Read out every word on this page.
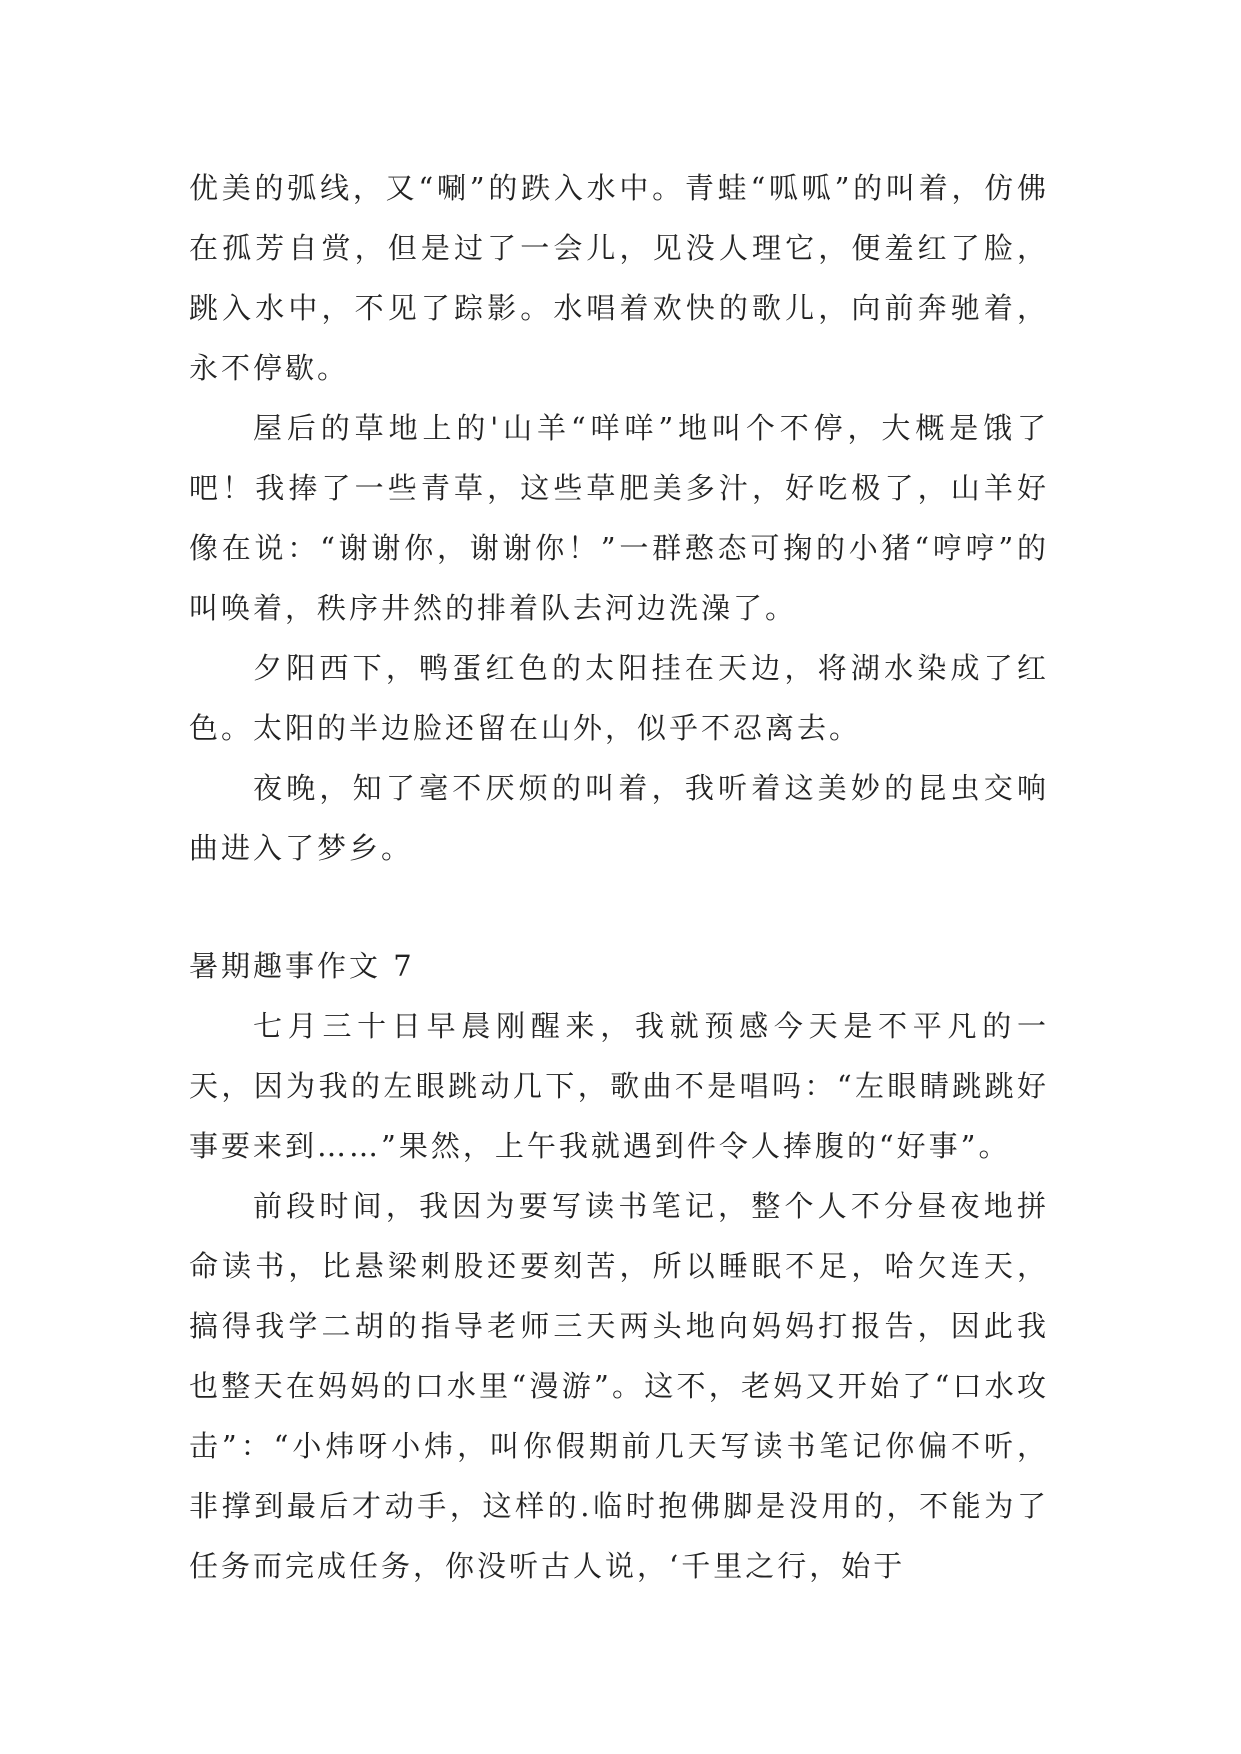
优美的弧线，又“唰”的跌入水中。青蛙“呱呱”的叫着，仿佛在孤芳自赏，但是过了一会儿，见没人理它，便羞红了脸，跳入水中，不见了踪影。水唱着欢快的歌儿，向前奔驰着，永不停歇。

屋后的草地上的'山羊“咩咩”地叫个不停，大概是饿了吧！我捧了一些青草，这些草肥美多汁，好吃极了，山羊好像在说：“谢谢你，谢谢你！”一群憨态可掬的小猪“哼哼”的叫唤着，秩序井然的排着队去河边洗澡了。

夕阳西下，鸭蛋红色的太阳挂在天边，将湖水染成了红色。太阳的半边脸还留在山外，似乎不忍离去。

夜晚，知了毫不厌烦的叫着，我听着这美妙的昆虫交响曲进入了梦乡。

暑期趣事作文 7

七月三十日早晨刚醒来，我就预感今天是不平凡的一天，因为我的左眼跳动几下，歌曲不是唱吗：“左眼睛跳跳好事要来到……”果然，上午我就遇到件令人捧腹的“好事”。

前段时间，我因为要写读书笔记，整个人不分昼夜地拼命读书，比悬梁刺股还要刻苦，所以睡眠不足，哈欠连天，搞得我学二胡的指导老师三天两头地向妈妈打报告，因此我也整天在妈妈的口水里“漫游”。这不，老妈又开始了“口水攻击”：“小炜呀小炜，叫你假期前几天写读书笔记你偏不听，非撑到最后才动手，这样的.临时抱佛脚是没用的，不能为了任务而完成任务，你没听古人说，‘千里之行，始于
